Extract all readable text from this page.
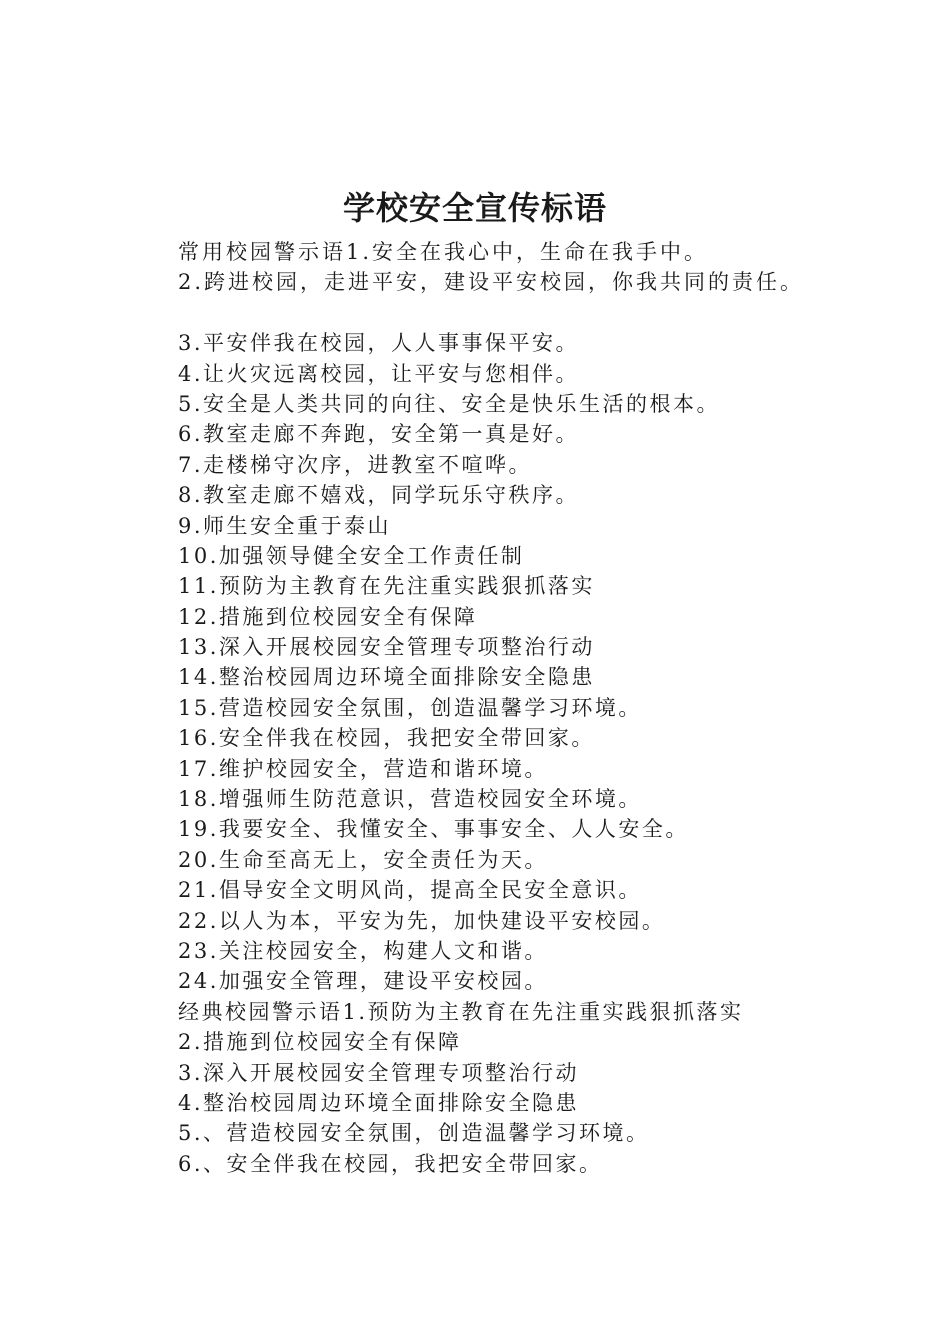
学校安全宣传标语
常用校园警示语1.安全在我心中，生命在我手中。
2.跨进校园，走进平安，建设平安校园，你我共同的责任。
3.平安伴我在校园，人人事事保平安。
4.让火灾远离校园，让平安与您相伴。
5.安全是人类共同的向往、安全是快乐生活的根本。
6.教室走廊不奔跑，安全第一真是好。
7.走楼梯守次序，进教室不喧哗。
8.教室走廊不嬉戏，同学玩乐守秩序。
9.师生安全重于泰山
10.加强领导健全安全工作责任制
11.预防为主教育在先注重实践狠抓落实
12.措施到位校园安全有保障
13.深入开展校园安全管理专项整治行动
14.整治校园周边环境全面排除安全隐患
15.营造校园安全氛围，创造温馨学习环境。
16.安全伴我在校园，我把安全带回家。
17.维护校园安全，营造和谐环境。
18.增强师生防范意识，营造校园安全环境。
19.我要安全、我懂安全、事事安全、人人安全。
20.生命至高无上，安全责任为天。
21.倡导安全文明风尚，提高全民安全意识。
22.以人为本，平安为先，加快建设平安校园。
23.关注校园安全，构建人文和谐。
24.加强安全管理，建设平安校园。
经典校园警示语1.预防为主教育在先注重实践狠抓落实
2.措施到位校园安全有保障
3.深入开展校园安全管理专项整治行动
4.整治校园周边环境全面排除安全隐患
5.、营造校园安全氛围，创造温馨学习环境。
6.、安全伴我在校园，我把安全带回家。
